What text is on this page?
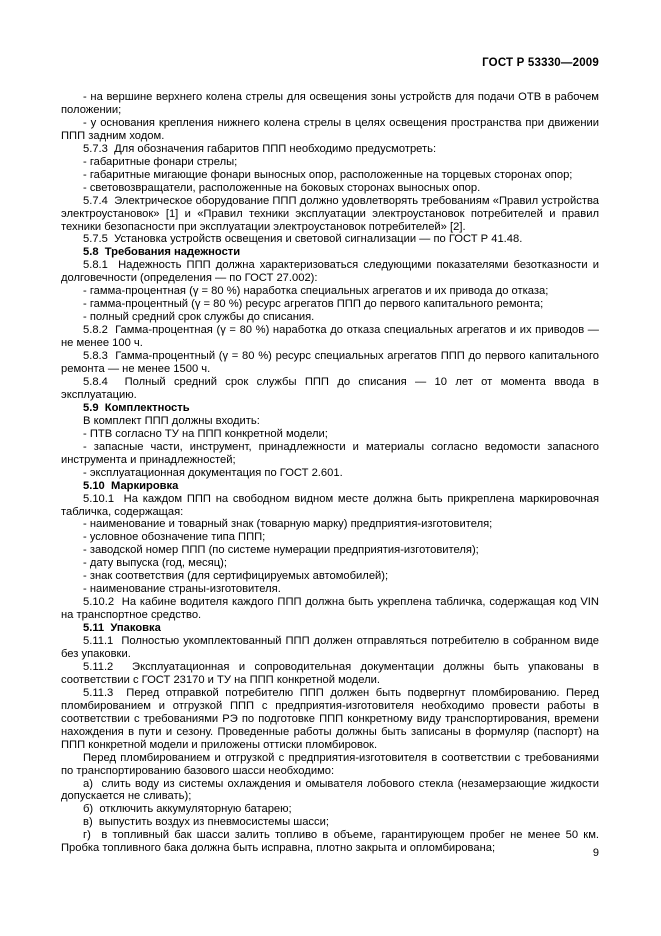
ГОСТ Р 53330—2009

- на вершине верхнего колена стрелы для освещения зоны устройств для подачи ОТВ в рабочем положении;

- у основания крепления нижнего колена стрелы в целях освещения пространства при движении ППП задним ходом.

5.7.3  Для обозначения габаритов ППП необходимо предусмотреть:

- габаритные фонари стрелы;

- габаритные мигающие фонари выносных опор, расположенные на торцевых сторонах опор;

- световозвращатели, расположенные на боковых сторонах выносных опор.

5.7.4  Электрическое оборудование ППП должно удовлетворять требованиям «Правил устройства электроустановок» [1] и «Правил техники эксплуатации электроустановок потребителей и правил техники безопасности при эксплуатации электроустановок потребителей» [2].

5.7.5  Установка устройств освещения и световой сигнализации — по ГОСТ Р 41.48.

5.8  Требования надежности

5.8.1  Надежность ППП должна характеризоваться следующими показателями безотказности и долговечности (определения — по ГОСТ 27.002):

- гамма-процентная (γ = 80 %) наработка специальных агрегатов и их привода до отказа;

- гамма-процентный (γ = 80 %) ресурс агрегатов ППП до первого капитального ремонта;

- полный средний срок службы до списания.

5.8.2  Гамма-процентная (γ = 80 %) наработка до отказа специальных агрегатов и их приводов — не менее 100 ч.

5.8.3  Гамма-процентный (γ = 80 %) ресурс специальных агрегатов ППП до первого капитального ремонта — не менее 1500 ч.

5.8.4  Полный средний срок службы ППП до списания — 10 лет от момента ввода в эксплуатацию.

5.9  Комплектность

В комплект ППП должны входить:

- ПТВ согласно ТУ на ППП конкретной модели;

- запасные части, инструмент, принадлежности и материалы согласно ведомости запасного инструмента и принадлежностей;

- эксплуатационная документация по ГОСТ 2.601.

5.10  Маркировка

5.10.1  На каждом ППП на свободном видном месте должна быть прикреплена маркировочная табличка, содержащая:

- наименование и товарный знак (товарную марку) предприятия-изготовителя;

- условное обозначение типа ППП;

- заводской номер ППП (по системе нумерации предприятия-изготовителя);

- дату выпуска (год, месяц);

- знак соответствия (для сертифицируемых автомобилей);

- наименование страны-изготовителя.

5.10.2  На кабине водителя каждого ППП должна быть укреплена табличка, содержащая код VIN на транспортное средство.

5.11  Упаковка

5.11.1  Полностью укомплектованный ППП должен отправляться потребителю в собранном виде без упаковки.

5.11.2  Эксплуатационная и сопроводительная документации должны быть упакованы в соответствии с ГОСТ 23170 и ТУ на ППП конкретной модели.

5.11.3  Перед отправкой потребителю ППП должен быть подвергнут пломбированию. Перед пломбированием и отгрузкой ППП с предприятия-изготовителя необходимо провести работы в соответствии с требованиями РЭ по подготовке ППП конкретному виду транспортирования, времени нахождения в пути и сезону. Проведенные работы должны быть записаны в формуляр (паспорт) на ППП конкретной модели и приложены оттиски пломбировок.

Перед пломбированием и отгрузкой с предприятия-изготовителя в соответствии с требованиями по транспортированию базового шасси необходимо:

а)  слить воду из системы охлаждения и омывателя лобового стекла (незамерзающие жидкости допускается не сливать);

б)  отключить аккумуляторную батарею;

в)  выпустить воздух из пневмосистемы шасси;

г)  в топливный бак шасси залить топливо в объеме, гарантирующем пробег не менее 50 км. Пробка топливного бака должна быть исправна, плотно закрыта и опломбирована;	9
